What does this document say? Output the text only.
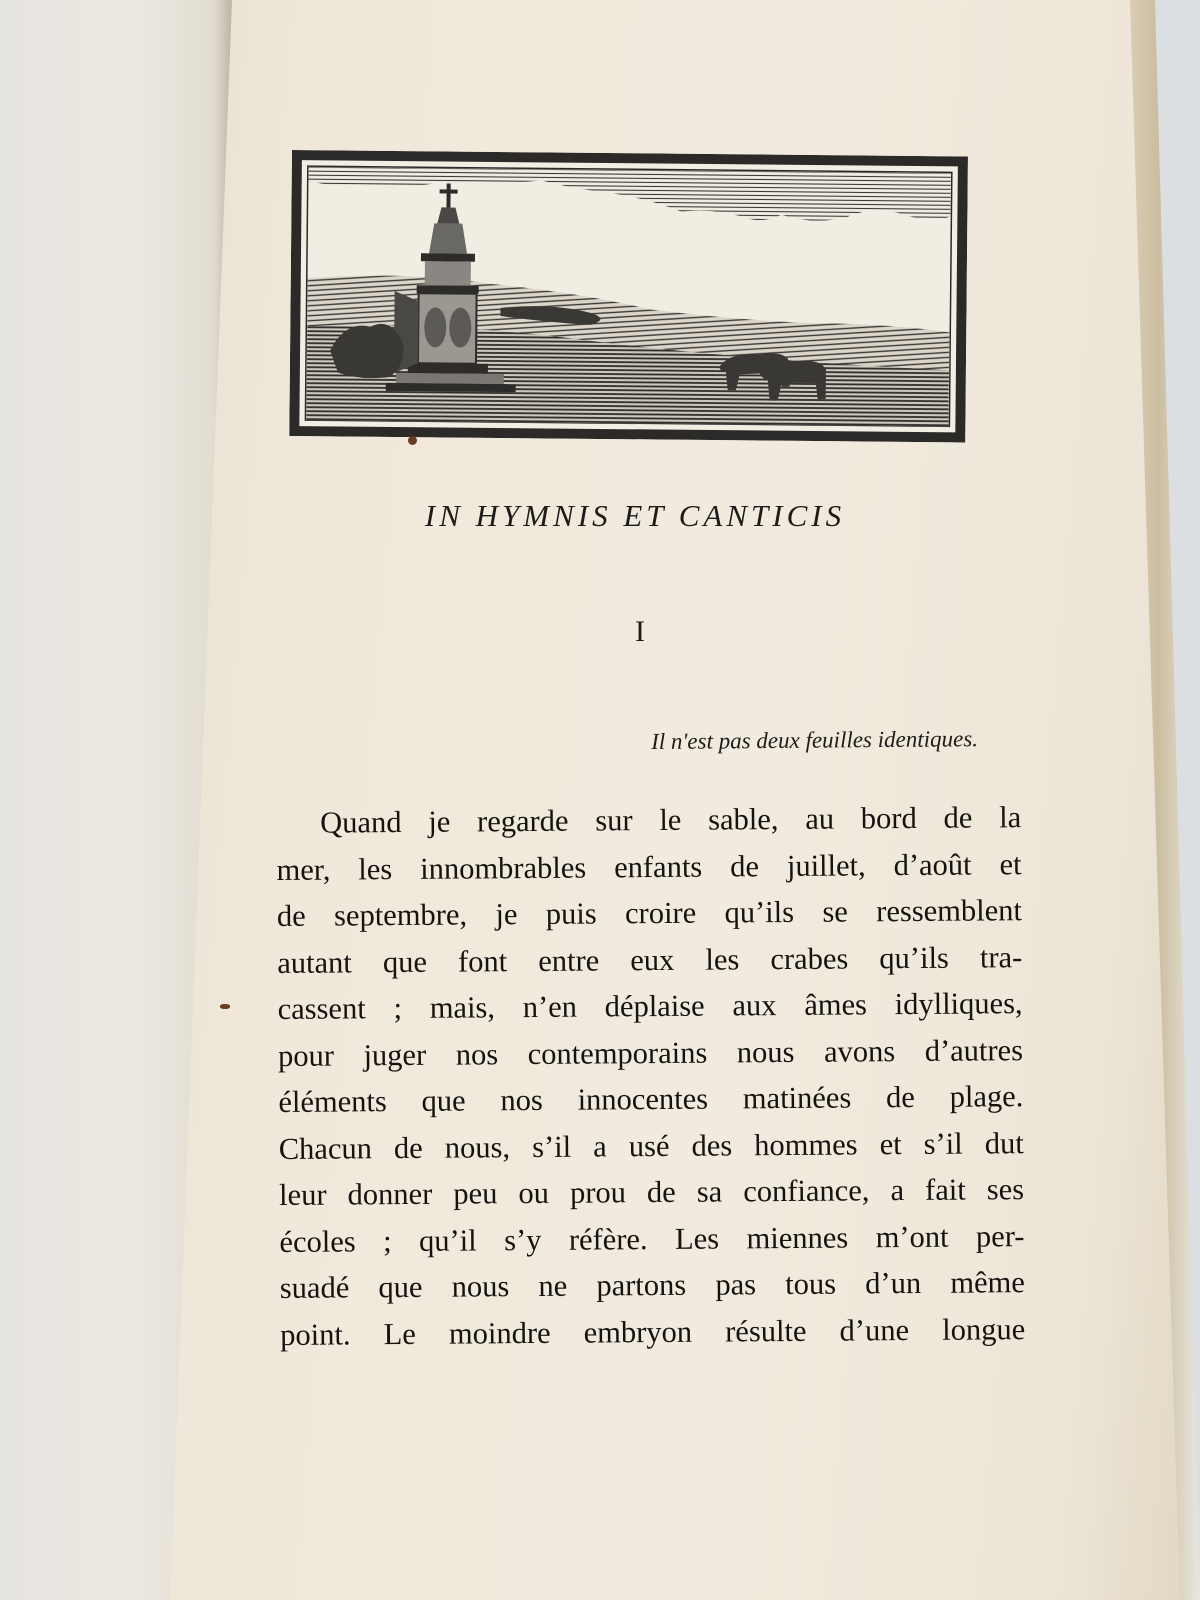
IN HYMNIS ET CANTICIS
I
Il n'est pas deux feuilles identiques.
Quand je regarde sur le sable, au bord de la
mer, les innombrables enfants de juillet, d’août et
de septembre, je puis croire qu’ils se ressemblent
autant que font entre eux les crabes qu’ils tra-
cassent ; mais, n’en déplaise aux âmes idylliques,
pour juger nos contemporains nous avons d’autres
éléments que nos innocentes matinées de plage.
Chacun de nous, s’il a usé des hommes et s’il dut
leur donner peu ou prou de sa confiance, a fait ses
écoles ; qu’il s’y réfère. Les miennes m’ont per-
suadé que nous ne partons pas tous d’un même
point. Le moindre embryon résulte d’une longue
